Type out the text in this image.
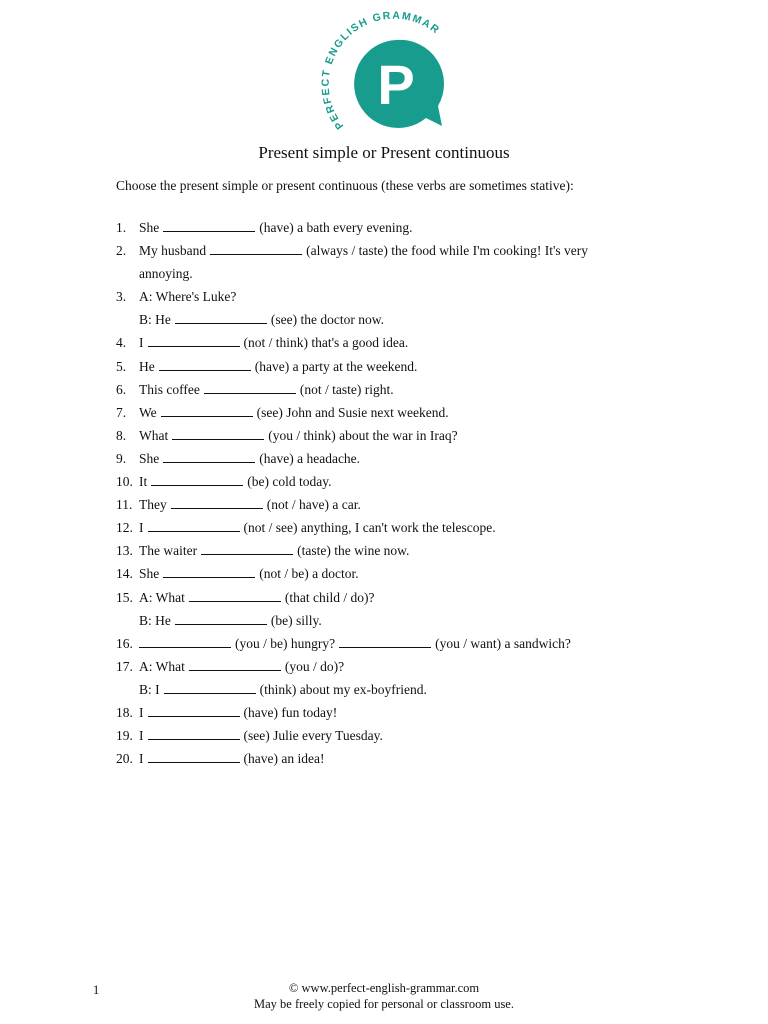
PERFECT ENGLISH GRAMMAR
P
Present simple or Present continuous
Choose the present simple or present continuous (these verbs are sometimes stative):
1. She	(have) a bath every evening.
2. My husband	(always / taste) the food while I'm cooking! It's very
annoying.
3. A: Where's Luke?
B: He	(see) the doctor now.
4. I	(not / think) that's a good idea.
5. He	(have) a party at the weekend.
6. This coffee	(not / taste) right.
7. We	(see) John and Susie next weekend.
8. What	(you / think) about the war in Iraq?
9. She	(have) a headache.
10. It	(be) cold today.
11. They	(not / have) a car.
12. I	(not / see) anything, I can't work the telescope.
13. The waiter	(taste) the wine now.
14. She	(not / be) a doctor.
15. A: What	(that child / do)?
B: He	(be) silly.
16.	(you / be) hungry?	(you / want) a sandwich?
17. A: What	(you / do)?
B: I	(think) about my ex-boyfriend.
18. I	(have) fun today!
19. I	(see) Julie every Tuesday.
20. I	(have) an idea!
1	© www.perfect-english-grammar.com
May be freely copied for personal or classroom use.
